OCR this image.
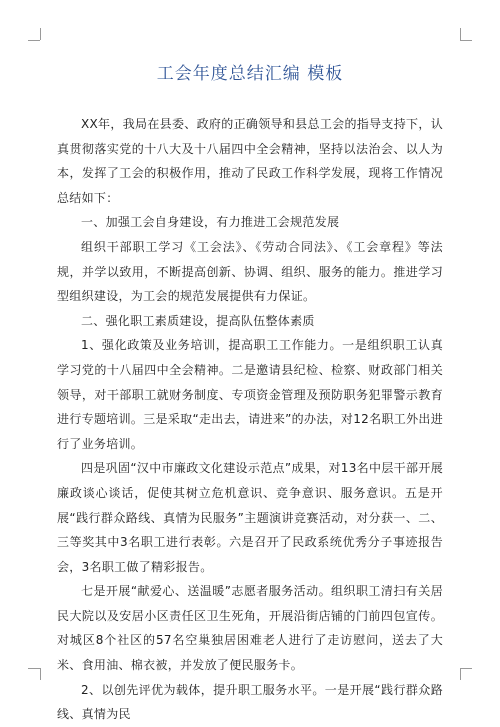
工会年度总结汇编 模板

XX年，我局在县委、政府的正确领导和县总工会的指导支持下，认真贯彻落实党的十八大及十八届四中全会精神，坚持以法治会、以人为本，发挥了工会的积极作用，推动了民政工作科学发展，现将工作情况总结如下：

一、加强工会自身建设，有力推进工会规范发展

组织干部职工学习《工会法》、《劳动合同法》、《工会章程》等法规，并学以致用，不断提高创新、协调、组织、服务的能力。推进学习型组织建设，为工会的规范发展提供有力保证。

二、强化职工素质建设，提高队伍整体素质

1、强化政策及业务培训，提高职工工作能力。一是组织职工认真学习党的十八届四中全会精神。二是邀请县纪检、检察、财政部门相关领导，对干部职工就财务制度、专项资金管理及预防职务犯罪警示教育进行专题培训。三是采取“走出去，请进来”的办法，对12名职工外出进行了业务培训。

四是巩固“汉中市廉政文化建设示范点”成果，对13名中层干部开展廉政谈心谈话，促使其树立危机意识、竞争意识、服务意识。五是开展“践行群众路线、真情为民服务”主题演讲竞赛活动，对分获一、二、三等奖其中3名职工进行表彰。六是召开了民政系统优秀分子事迹报告会，3名职工做了精彩报告。

七是开展“献爱心、送温暖”志愿者服务活动。组织职工清扫有关居民大院以及安居小区责任区卫生死角，开展沿街店铺的门前四包宣传。对城区8个社区的57名空巢独居困难老人进行了走访慰问，送去了大米、食用油、棉衣被，并发放了便民服务卡。

2、以创先评优为载体，提升职工服务水平。一是开展“践行群众路线、真情为民
